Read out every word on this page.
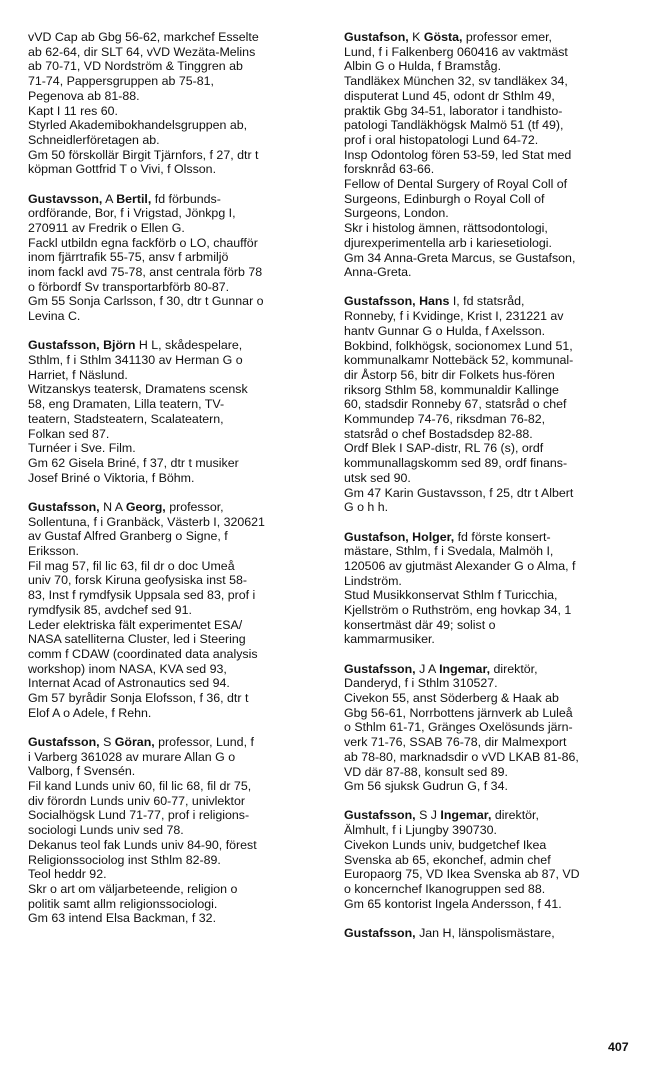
vVD Cap ab Gbg 56-62, markchef Esselte
ab 62-64, dir SLT 64, vVD Wezäta-Melins
ab 70-71, VD Nordström & Tinggren ab
71-74, Pappersgruppen ab 75-81,
Pegenova ab 81-88.
Kapt I 11 res 60.
Styrled Akademibokhandelsgruppen ab,
Schneidlerföretagen ab.
Gm 50 förskollär Birgit Tjärnfors, f 27, dtr t
köpman Gottfrid T o Vivi, f Olsson.
Gustavsson, A Bertil, fd förbunds-
ordförande, Bor, f i Vrigstad, Jönkpg I,
270911 av Fredrik o Ellen G.
Fackl utbildn egna fackförb o LO, chaufför
inom fjärrtrafik 55-75, ansv f arbmiljö
inom fackl avd 75-78, anst centrala förb 78
o förbordf Sv transportarbförb 80-87.
Gm 55 Sonja Carlsson, f 30, dtr t Gunnar o
Levina C.
Gustafsson, Björn H L, skådespelare,
Sthlm, f i Sthlm 341130 av Herman G o
Harriet, f Näslund.
Witzanskys teatersk, Dramatens scensk
58, eng Dramaten, Lilla teatern, TV-
teatern, Stadsteatern, Scalateatern,
Folkan sed 87.
Turnéer i Sve. Film.
Gm 62 Gisela Briné, f 37, dtr t musiker
Josef Briné o Viktoria, f Böhm.
Gustafsson, N A Georg, professor,
Sollentuna, f i Granbäck, Västerb I, 320621
av Gustaf Alfred Granberg o Signe, f
Eriksson.
Fil mag 57, fil lic 63, fil dr o doc Umeå
univ 70, forsk Kiruna geofysiska inst 58-
83, Inst f rymdfysik Uppsala sed 83, prof i
rymdfysik 85, avdchef sed 91.
Leder elektriska fält experimentet ESA/
NASA satelliterna Cluster, led i Steering
comm f CDAW (coordinated data analysis
workshop) inom NASA, KVA sed 93,
Internat Acad of Astronautics sed 94.
Gm 57 byrådir Sonja Elofsson, f 36, dtr t
Elof A o Adele, f Rehn.
Gustafsson, S Göran, professor, Lund, f
i Varberg 361028 av murare Allan G o
Valborg, f Svensén.
Fil kand Lunds univ 60, fil lic 68, fil dr 75,
div förordn Lunds univ 60-77, univlektor
Socialhögsk Lund 71-77, prof i religions-
sociologi Lunds univ sed 78.
Dekanus teol fak Lunds univ 84-90, förest
Religionssociolog inst Sthlm 82-89.
Teol heddr 92.
Skr o art om väljarbeteende, religion o
politik samt allm religionssociologi.
Gm 63 intend Elsa Backman, f 32.
Gustafson, K Gösta, professor emer,
Lund, f i Falkenberg 060416 av vaktmäst
Albin G o Hulda, f Bramståg.
Tandläkex München 32, sv tandläkex 34,
disputerat Lund 45, odont dr Sthlm 49,
praktik Gbg 34-51, laborator i tandhisto-
patologi Tandläkhögsk Malmö 51 (tf 49),
prof i oral histopatologi Lund 64-72.
Insp Odontolog fören 53-59, led Stat med
forsknråd 63-66.
Fellow of Dental Surgery of Royal Coll of
Surgeons, Edinburgh o Royal Coll of
Surgeons, London.
Skr i histolog ämnen, rättsodontologi,
djurexperimentella arb i kariesetiologi.
Gm 34 Anna-Greta Marcus, se Gustafson,
Anna-Greta.
Gustafsson, Hans I, fd statsråd,
Ronneby, f i Kvidinge, Krist I, 231221 av
hantv Gunnar G o Hulda, f Axelsson.
Bokbind, folkhögsk, socionomex Lund 51,
kommunalkamr Nottebäck 52, kommunal-
dir Åstorp 56, bitr dir Folkets hus-fören
riksorg Sthlm 58, kommunaldir Kallinge
60, stadsdir Ronneby 67, statsråd o chef
Kommundep 74-76, riksdman 76-82,
statsråd o chef Bostadsdep 82-88.
Ordf Blek I SAP-distr, RL 76 (s), ordf
kommunallagskomm sed 89, ordf finans-
utsk sed 90.
Gm 47 Karin Gustavsson, f 25, dtr t Albert
G o h h.
Gustafson, Holger, fd förste konsert-
mästare, Sthlm, f i Svedala, Malmöh I,
120506 av gjutmäst Alexander G o Alma, f
Lindström.
Stud Musikkonservat Sthlm f Turicchia,
Kjellström o Ruthström, eng hovkap 34, 1
konsertmäst där 49; solist o
kammarmusiker.
Gustafsson, J A Ingemar, direktör,
Danderyd, f i Sthlm 310527.
Civekon 55, anst Söderberg & Haak ab
Gbg 56-61, Norrbottens järnverk ab Luleå
o Sthlm 61-71, Gränges Oxelösunds järn-
verk 71-76, SSAB 76-78, dir Malmexport
ab 78-80, marknadsdir o vVD LKAB 81-86,
VD där 87-88, konsult sed 89.
Gm 56 sjuksk Gudrun G, f 34.
Gustafsson, S J Ingemar, direktör,
Älmhult, f i Ljungby 390730.
Civekon Lunds univ, budgetchef Ikea
Svenska ab 65, ekonchef, admin chef
Europaorg 75, VD Ikea Svenska ab 87, VD
o koncernchef Ikanogruppen sed 88.
Gm 65 kontorist Ingela Andersson, f 41.
Gustafsson, Jan H, länspolismästare,
407
